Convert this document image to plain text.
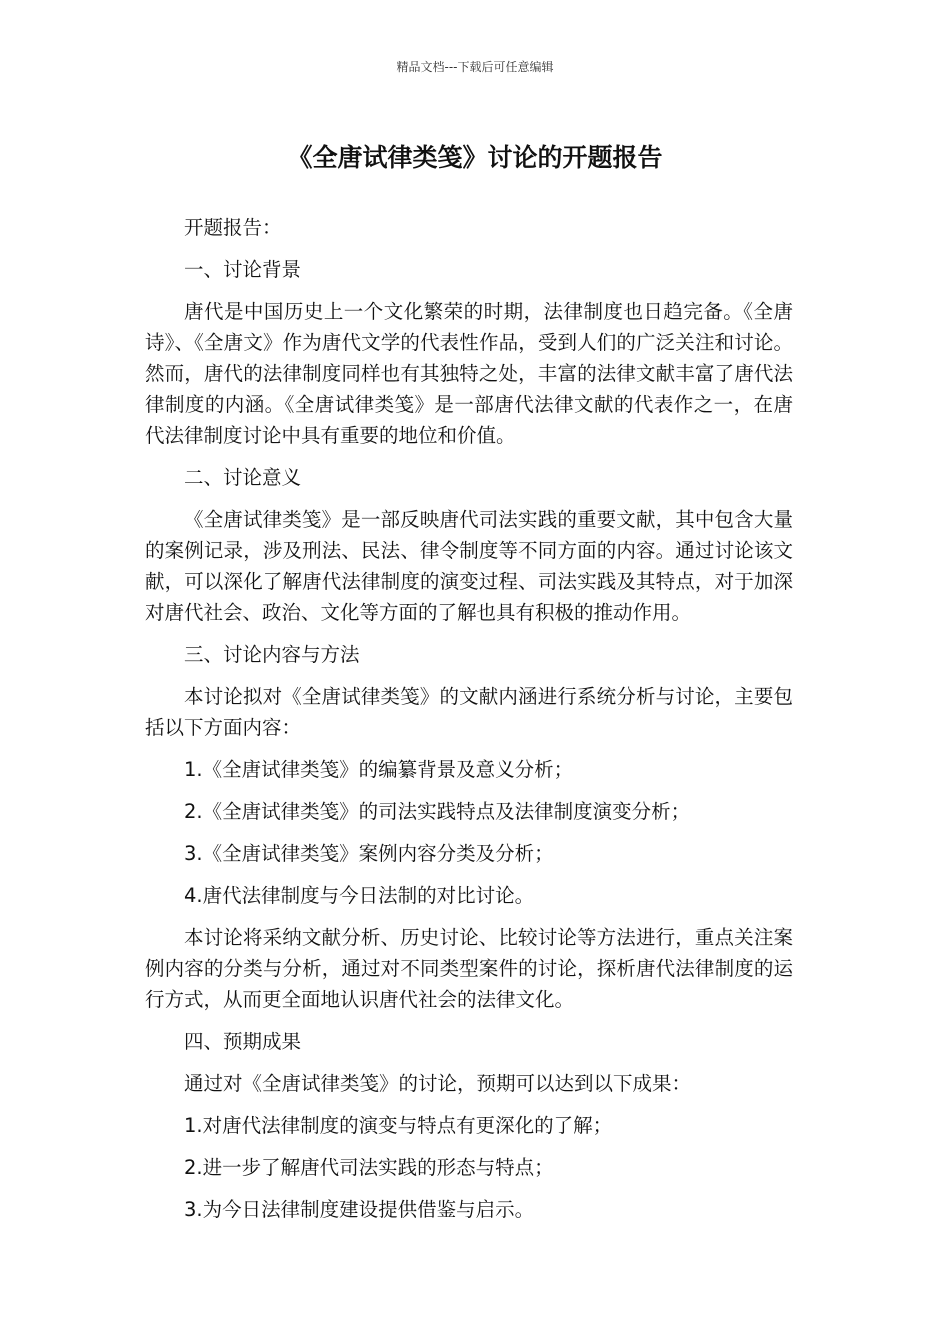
精品文档---下载后可任意编辑
《全唐试律类笺》讨论的开题报告

开题报告：

一、讨论背景

唐代是中国历史上一个文化繁荣的时期，法律制度也日趋完备。《全唐诗》、《全唐文》作为唐代文学的代表性作品，受到人们的广泛关注和讨论。然而，唐代的法律制度同样也有其独特之处，丰富的法律文献丰富了唐代法律制度的内涵。《全唐试律类笺》是一部唐代法律文献的代表作之一，在唐代法律制度讨论中具有重要的地位和价值。

二、讨论意义

《全唐试律类笺》是一部反映唐代司法实践的重要文献，其中包含大量的案例记录，涉及刑法、民法、律令制度等不同方面的内容。通过讨论该文献，可以深化了解唐代法律制度的演变过程、司法实践及其特点，对于加深对唐代社会、政治、文化等方面的了解也具有积极的推动作用。

三、讨论内容与方法

本讨论拟对《全唐试律类笺》的文献内涵进行系统分析与讨论，主要包括以下方面内容：

1.《全唐试律类笺》的编纂背景及意义分析；

2.《全唐试律类笺》的司法实践特点及法律制度演变分析；

3.《全唐试律类笺》案例内容分类及分析；

4.唐代法律制度与今日法制的对比讨论。

本讨论将采纳文献分析、历史讨论、比较讨论等方法进行，重点关注案例内容的分类与分析，通过对不同类型案件的讨论，探析唐代法律制度的运行方式，从而更全面地认识唐代社会的法律文化。

四、预期成果

通过对《全唐试律类笺》的讨论，预期可以达到以下成果：

1.对唐代法律制度的演变与特点有更深化的了解；

2.进一步了解唐代司法实践的形态与特点；

3.为今日法律制度建设提供借鉴与启示。
